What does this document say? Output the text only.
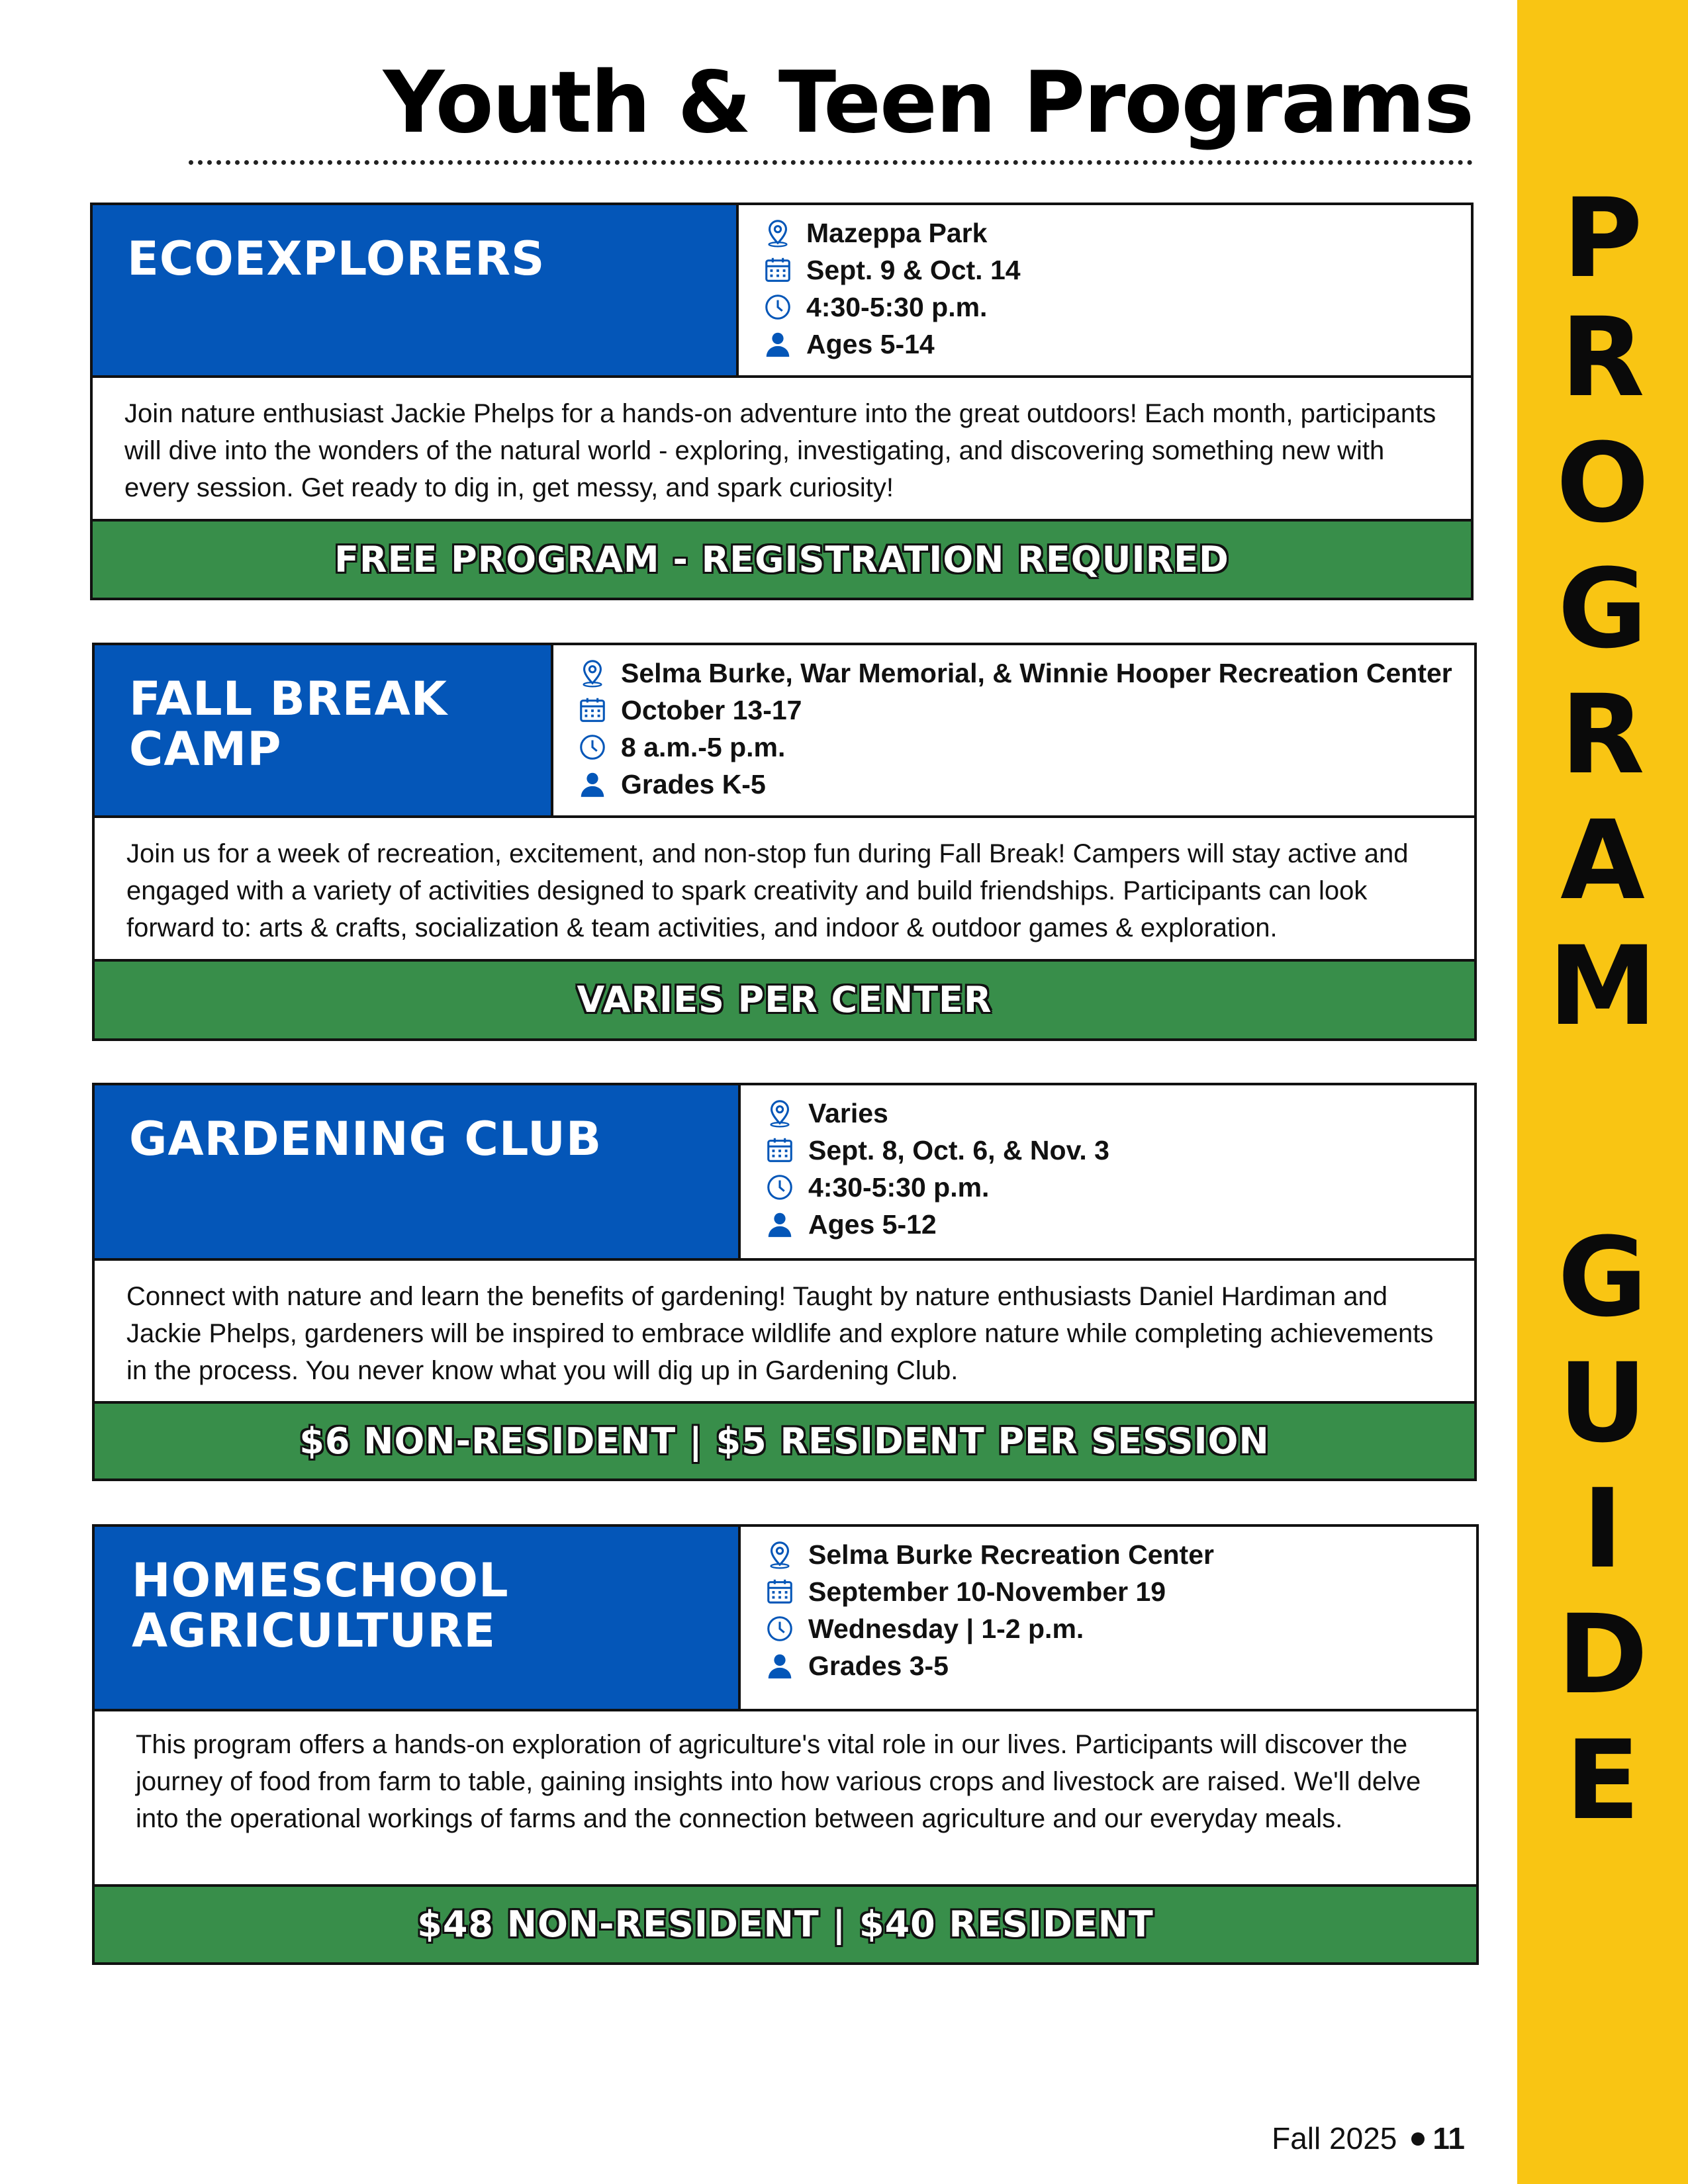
P
R
O
G
R
A
M
G
U
I
D
E
Youth & Teen Programs
ECOEXPLORERS	Mazeppa Park
Sept. 9 & Oct. 14
4:30-5:30 p.m.
Ages 5-14
Join nature enthusiast Jackie Phelps for a hands-on adventure into the great outdoors! Each month, participants will dive into the wonders of the natural world - exploring, investigating, and discovering something new with every session. Get ready to dig in, get messy, and spark curiosity!
FREE PROGRAM - REGISTRATION REQUIRED
FALL BREAK CAMP
Selma Burke, War Memorial, & Winnie Hooper Recreation Center
October 13-17
8 a.m.-5 p.m.
Grades K-5
Join us for a week of recreation, excitement, and non-stop fun during Fall Break! Campers will stay active and engaged with a variety of activities designed to spark creativity and build friendships. Participants can look forward to: arts & crafts, socialization & team activities, and indoor & outdoor games & exploration.
VARIES PER CENTER
GARDENING CLUB	Varies
Sept. 8, Oct. 6, & Nov. 3
4:30-5:30 p.m.
Ages 5-12
Connect with nature and learn the benefits of gardening! Taught by nature enthusiasts Daniel Hardiman and Jackie Phelps, gardeners will be inspired to embrace wildlife and explore nature while completing achievements in the process. You never know what you will dig up in Gardening Club.
$6 NON-RESIDENT | $5 RESIDENT PER SESSION
HOMESCHOOL AGRICULTURE
Selma Burke Recreation Center
September 10-November 19
Wednesday | 1-2 p.m.
Grades 3-5
This program offers a hands-on exploration of agriculture's vital role in our lives. Participants will discover the journey of food from farm to table, gaining insights into how various crops and livestock are raised. We'll delve into the operational workings of farms and the connection between agriculture and our everyday meals.
$48 NON-RESIDENT | $40 RESIDENT
Fall 2025 11
